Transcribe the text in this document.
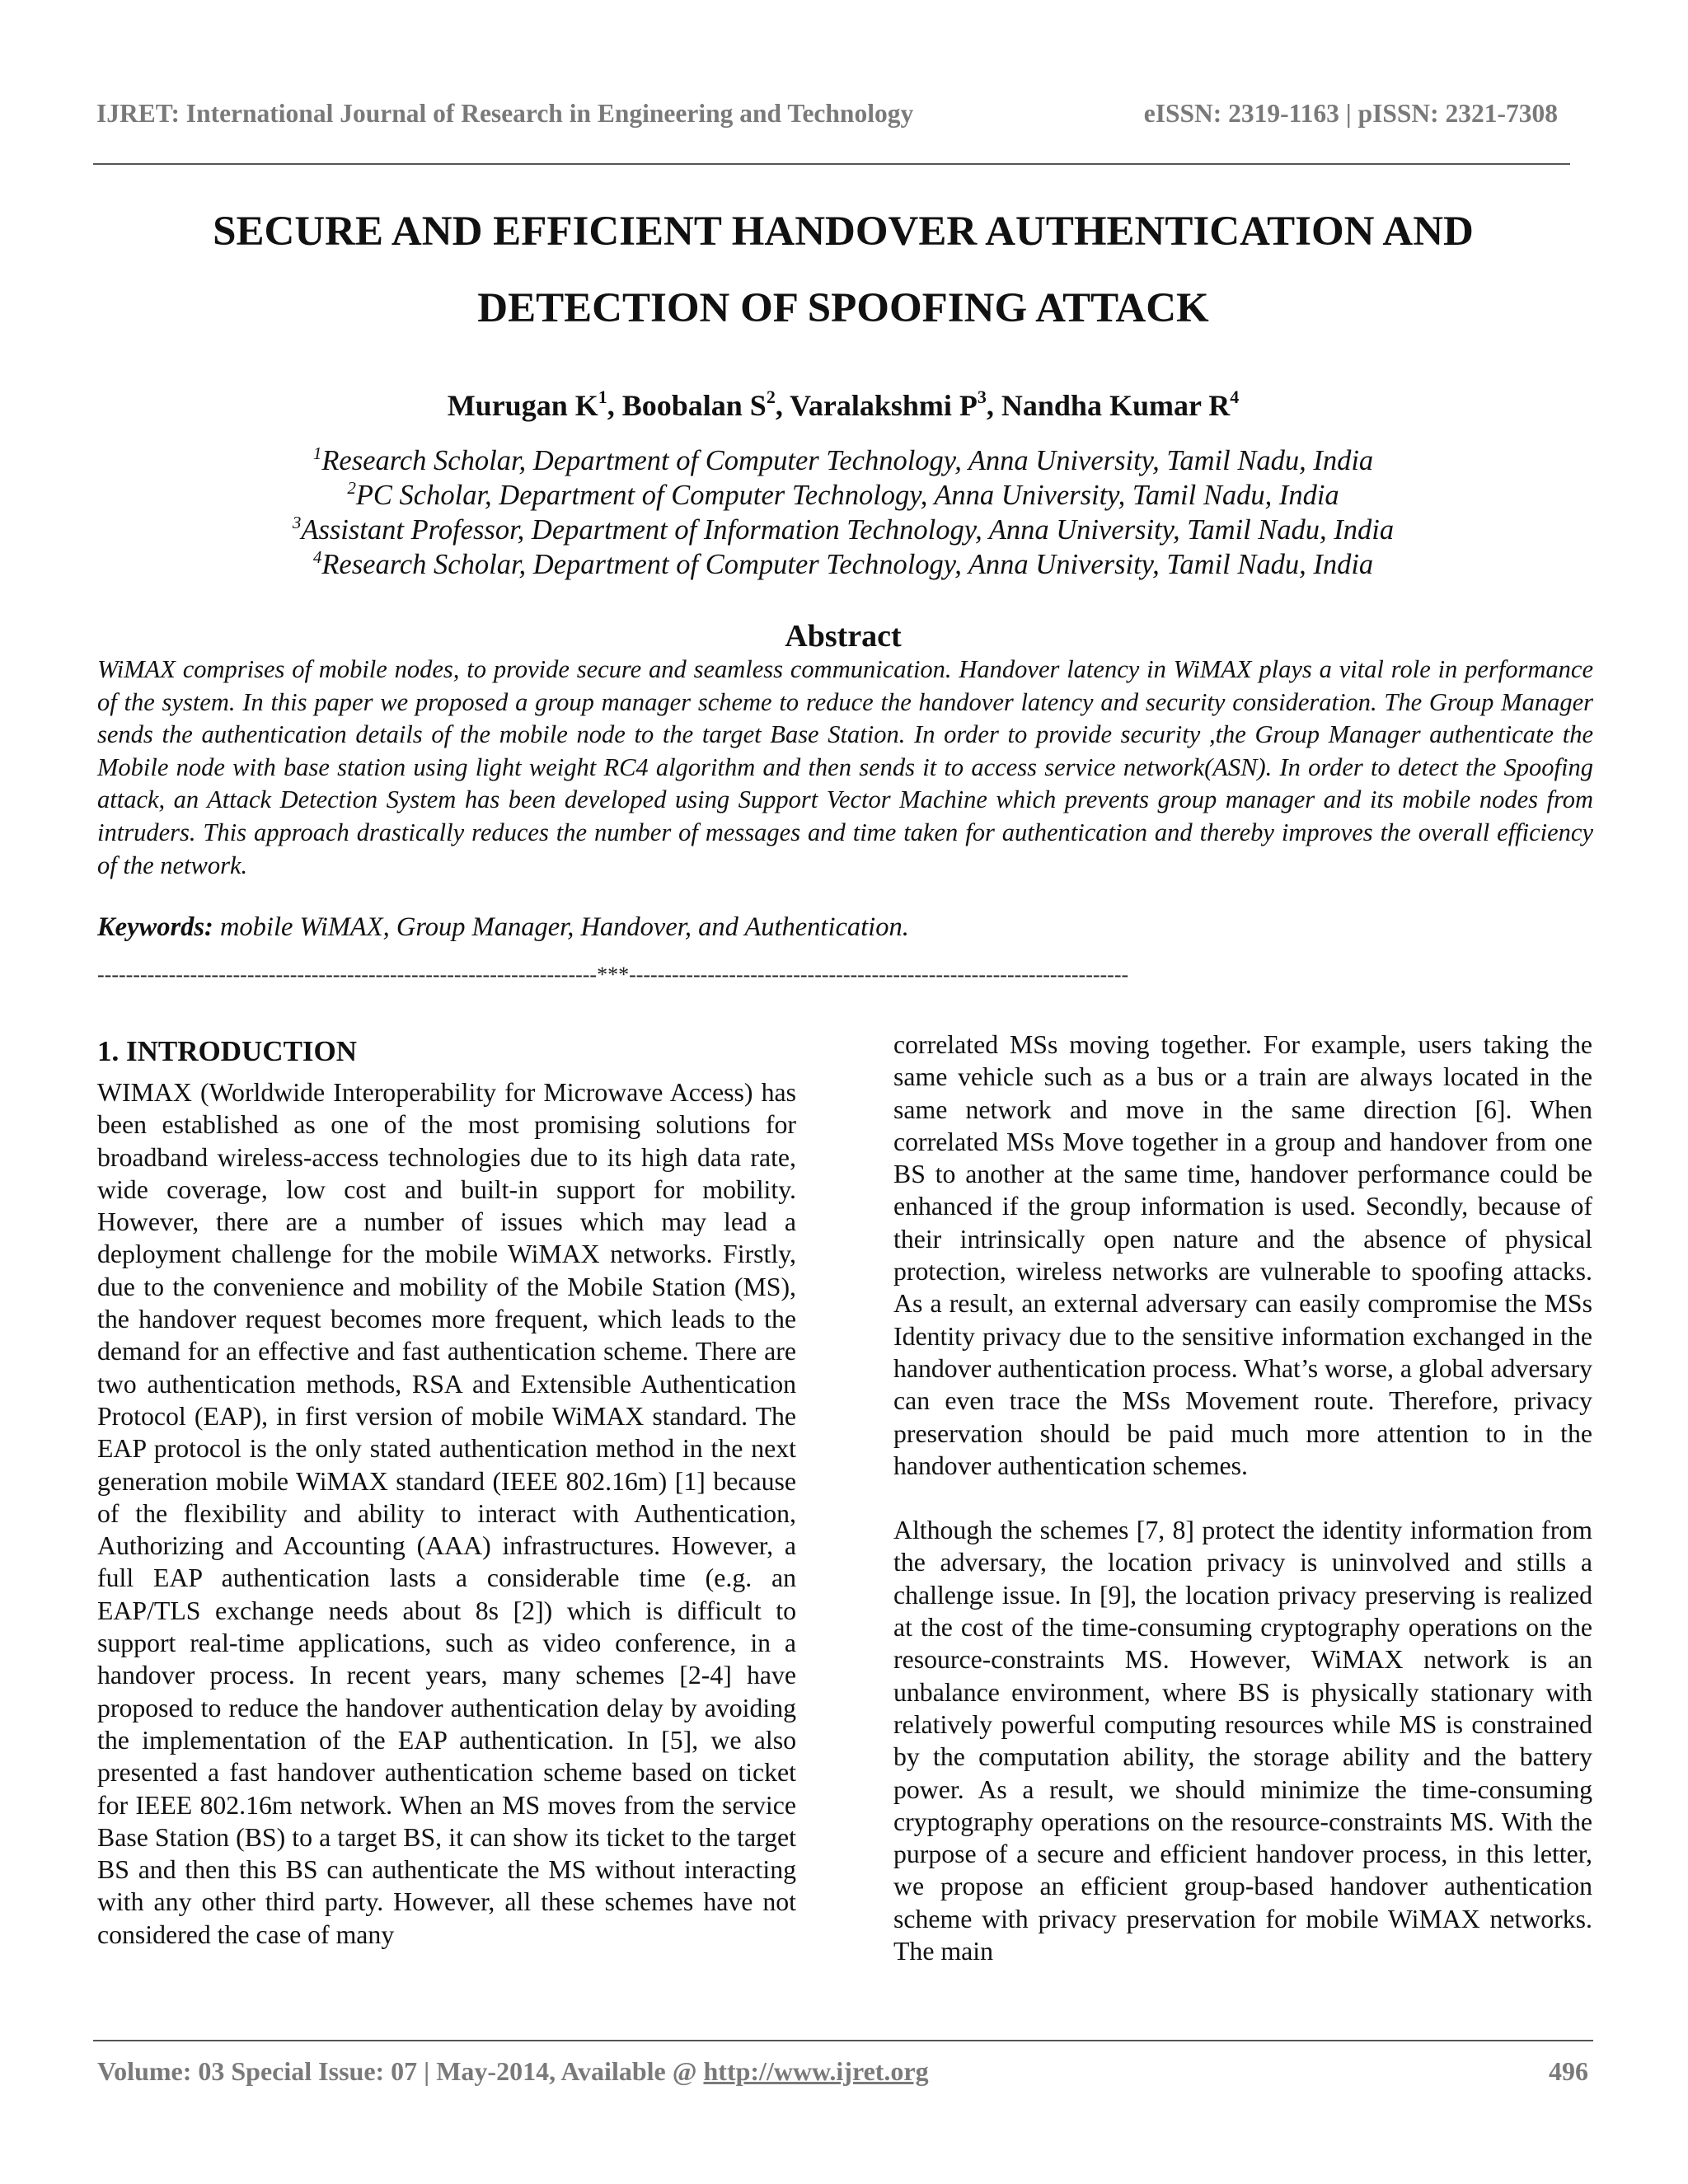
IJRET: International Journal of Research in Engineering and Technology	eISSN: 2319-1163 | pISSN: 2321-7308
SECURE AND EFFICIENT HANDOVER AUTHENTICATION AND
DETECTION OF SPOOFING ATTACK
Murugan $K^1$, Boobalan $S^2$, Varalakshmi $P^3$, Nandha Kumar $R^4$
$^1$Research Scholar, Department of Computer Technology, Anna University, Tamil Nadu, India
$^2$PC Scholar, Department of Computer Technology, Anna University, Tamil Nadu, India
$^3$Assistant Professor, Department of Information Technology, Anna University, Tamil Nadu, India
$^4$Research Scholar, Department of Computer Technology, Anna University, Tamil Nadu, India
Abstract
WiMAX comprises of mobile nodes, to provide secure and seamless communication. Handover latency in WiMAX plays a vital role in performance of the system. In this paper we proposed a group manager scheme to reduce the handover latency and security consideration. The Group Manager sends the authentication details of the mobile node to the target Base Station. In order to provide security ,the Group Manager authenticate the Mobile node with base station using light weight RC4 algorithm and then sends it to access service network(ASN). In order to detect the Spoofing attack, an Attack Detection System has been developed using Support Vector Machine which prevents group manager and its mobile nodes from intruders. This approach drastically reduces the number of messages and time taken for authentication and thereby improves the overall efficiency of the network.
Keywords: mobile WiMAX, Group Manager, Handover, and Authentication.
----------------------------------------------------------------------***----------------------------------------------------------------------
1. INTRODUCTION

WIMAX (Worldwide Interoperability for Microwave Access) has been established as one of the most promising solutions for broadband wireless-access technologies due to its high data rate, wide coverage, low cost and built-in support for mobility. However, there are a number of issues which may lead a deployment challenge for the mobile WiMAX networks. Firstly, due to the convenience and mobility of the Mobile Station (MS), the handover request becomes more frequent, which leads to the demand for an effective and fast authentication scheme. There are two authentication methods, RSA and Extensible Authentication Protocol (EAP), in first version of mobile WiMAX standard. The EAP protocol is the only stated authentication method in the next generation mobile WiMAX standard (IEEE 802.16m) [1] because of the flexibility and ability to interact with Authentication, Authorizing and Accounting (AAA) infrastructures. However, a full EAP authentication lasts a considerable time (e.g. an EAP/TLS exchange needs about 8s [2]) which is difficult to support real-time applications, such as video conference, in a handover process. In recent years, many schemes [2-4] have proposed to reduce the handover authentication delay by avoiding the implementation of the EAP authentication. In [5], we also presented a fast handover authentication scheme based on ticket for IEEE 802.16m network. When an MS moves from the service Base Station (BS) to a target BS, it can show its ticket to the target BS and then this BS can authenticate the MS without interacting with any other third party. However, all these schemes have not considered the case of many

correlated MSs moving together. For example, users taking the same vehicle such as a bus or a train are always located in the same network and move in the same direction [6]. When correlated MSs Move together in a group and handover from one BS to another at the same time, handover performance could be enhanced if the group information is used. Secondly, because of their intrinsically open nature and the absence of physical protection, wireless networks are vulnerable to spoofing attacks. As a result, an external adversary can easily compromise the MSs Identity privacy due to the sensitive information exchanged in the handover authentication process. What’s worse, a global adversary can even trace the MSs Movement route. Therefore, privacy preservation should be paid much more attention to in the handover authentication schemes.

Although the schemes [7, 8] protect the identity information from the adversary, the location privacy is uninvolved and stills a challenge issue. In [9], the location privacy preserving is realized at the cost of the time-consuming cryptography operations on the resource-constraints MS. However, WiMAX network is an unbalance environment, where BS is physically stationary with relatively powerful computing resources while MS is constrained by the computation ability, the storage ability and the battery power. As a result, we should minimize the time-consuming cryptography operations on the resource-constraints MS. With the purpose of a secure and efficient handover process, in this letter, we propose an efficient group-based handover authentication scheme with privacy preservation for mobile WiMAX networks. The main

Volume: 03 Special Issue: 07 | May-2014, Available @ http://www.ijret.org	496
